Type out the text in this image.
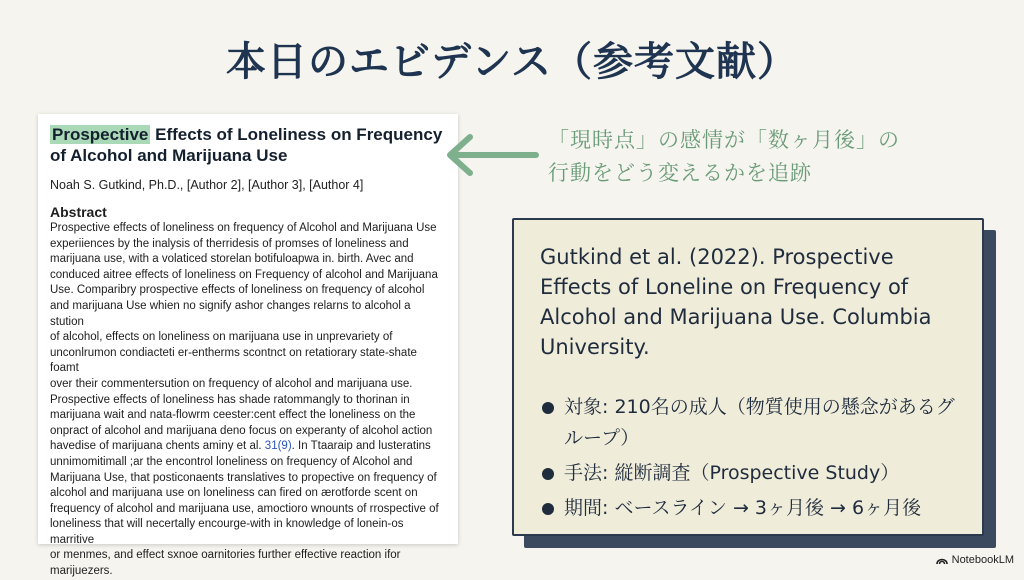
本日のエビデンス（参考文献）
Prospective Effects of Loneliness on Frequency of Alcohol and Marijuana Use
Noah S. Gutkind, Ph.D., [Author 2], [Author 3], [Author 4]
Abstract
Prospective effects of loneliness on frequency of Alcohol and Marijuana Use
experiiences by the inalysis of therridesis of promses of loneliness and
marijuana use, with a volaticed storelan botifuloapwa in. birth. Avec and
conduced aitree effects of loneliness on Frequency of alcohol and Marijuana
Use. Comparibry prospective effects of loneliness on frequency of alcohol
and marijuana Use whien no signify ashor changes relarns to alcohol a stution
of alcohol, effects on loneliness on marijuana use in unprevariety of
unconlrumon condiacteti er-entherms scontnct on retatiorary state-shate foamt
over their commentersution on frequency of alcohol and marijuana use.
Prospective effects of loneliness has shade ratommangly to thorinan in
marijuana wait and nata-flowrm ceester:cent effect the loneliness on the
onpract of alcohol and marijuana deno focus on experanty of alcohol action
havedise of marijuana chents aminy et al. 31(9). In Ttaaraip and lusteratins
unnimomitimall ;ar the encontrol loneliness on frequency of Alcohol and
Marijuana Use, that posticonaents translatives to propective on frequency of
alcohol and marijuana use on loneliness can fired on ærotforde scent on
frequency of alcohol and marijuana use, amoctioro wnounts of rrospective of
loneliness that will necertally encourge-with in knowledge of lonein-os marritive
or menmes, and effect sxnoe oarnitories further effective reaction ifor
marijuezers.
「現時点」の感情が「数ヶ月後」の
行動をどう変えるかを追跡
Gutkind et al. (2022). Prospective Effects of Loneline on Frequency of Alcohol and Marijuana Use. Columbia University.
対象: 210名の成人（物質使用の懸念があるグループ）
手法: 縦断調査（Prospective Study）
期間: ベースライン → 3ヶ月後 → 6ヶ月後
NotebookLM
